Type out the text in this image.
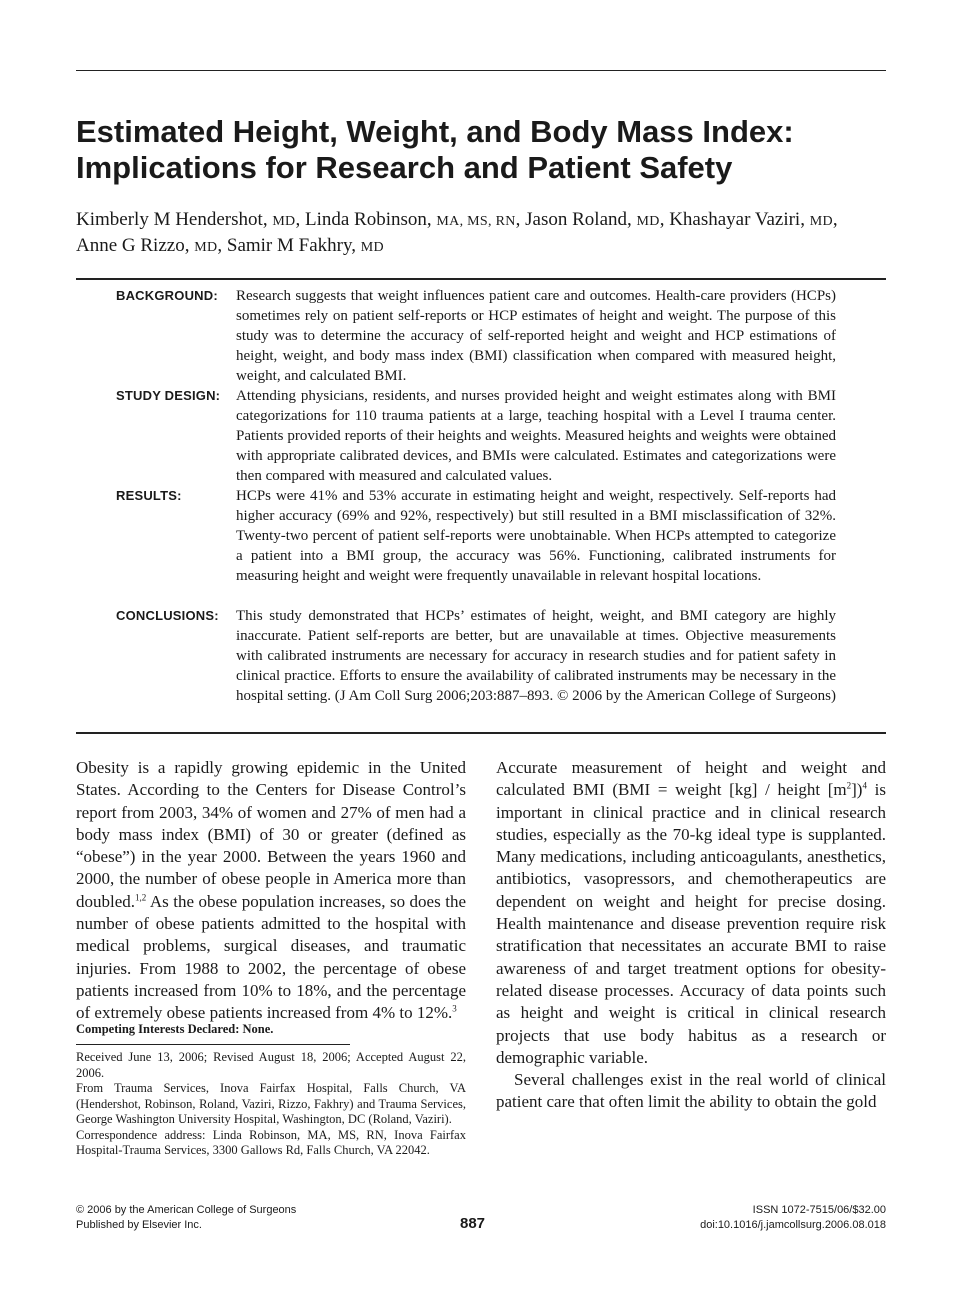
Estimated Height, Weight, and Body Mass Index:
Implications for Research and Patient Safety
Kimberly M Hendershot, MD, Linda Robinson, MA, MS, RN, Jason Roland, MD, Khashayar Vaziri, MD,
Anne G Rizzo, MD, Samir M Fakhry, MD
BACKGROUND: Research suggests that weight influences patient care and outcomes. Health-care providers (HCPs) sometimes rely on patient self-reports or HCP estimates of height and weight. The purpose of this study was to determine the accuracy of self-reported height and weight and HCP estimations of height, weight, and body mass index (BMI) classification when compared with measured height, weight, and calculated BMI.
STUDY DESIGN: Attending physicians, residents, and nurses provided height and weight estimates along with BMI categorizations for 110 trauma patients at a large, teaching hospital with a Level I trauma center. Patients provided reports of their heights and weights. Measured heights and weights were obtained with appropriate calibrated devices, and BMIs were calculated. Estimates and categorizations were then compared with measured and calculated values.
RESULTS:	HCPs were 41% and 53% accurate in estimating height and weight, respectively. Self-reports had higher accuracy (69% and 92%, respectively) but still resulted in a BMI misclassification of 32%. Twenty-two percent of patient self-reports were unobtainable. When HCPs attempted to categorize a patient into a BMI group, the accuracy was 56%. Functioning, calibrated instruments for measuring height and weight were frequently unavailable in relevant hospital locations.
CONCLUSIONS: This study demonstrated that HCPs’ estimates of height, weight, and BMI category are highly inaccurate. Patient self-reports are better, but are unavailable at times. Objective measurements with calibrated instruments are necessary for accuracy in research studies and for patient safety in clinical practice. Efforts to ensure the availability of calibrated instruments may be necessary in the hospital setting. (J Am Coll Surg 2006;203:887–893. © 2006 by the American College of Surgeons)

Obesity is a rapidly growing epidemic in the United States. According to the Centers for Disease Control’s report from 2003, 34% of women and 27% of men had a body mass index (BMI) of 30 or greater (defined as “obese”) in the year 2000. Between the years 1960 and 2000, the number of obese people in America more than doubled.$^{1,2}$ As the obese population increases, so does the number of obese patients admitted to the hospital with medical problems, surgical diseases, and traumatic injuries. From 1988 to 2002, the percentage of obese patients increased from 10% to 18%, and the percentage of extremely obese patients increased from 4% to 12%.$^3$

Competing Interests Declared: None.

Received June 13, 2006; Revised August 18, 2006; Accepted August 22, 2006.

From Trauma Services, Inova Fairfax Hospital, Falls Church, VA (Hendershot, Robinson, Roland, Vaziri, Rizzo, Fakhry) and Trauma Services, George Washington University Hospital, Washington, DC (Roland, Vaziri).

Correspondence address: Linda Robinson, MA, MS, RN, Inova Fairfax Hospital-Trauma Services, 3300 Gallows Rd, Falls Church, VA 22042.

Accurate measurement of height and weight and calculated BMI (BMI = weight [kg] / height $[m^2])^4$ is important in clinical practice and in clinical research studies, especially as the 70-kg ideal type is supplanted. Many medications, including anticoagulants, anesthetics, antibiotics, vasopressors, and chemotherapeutics are dependent on weight and height for precise dosing. Health maintenance and disease prevention require risk stratification that necessitates an accurate BMI to raise awareness of and target treatment options for obesity-related disease processes. Accuracy of data points such as height and weight is critical in clinical research projects that use body habitus as a research or demographic variable.

Several challenges exist in the real world of clinical patient care that often limit the ability to obtain the gold

© 2006 by the American College of Surgeons
Published by Elsevier Inc.	887
ISSN 1072-7515/06/$32.00
doi:10.1016/j.jamcollsurg.2006.08.018
